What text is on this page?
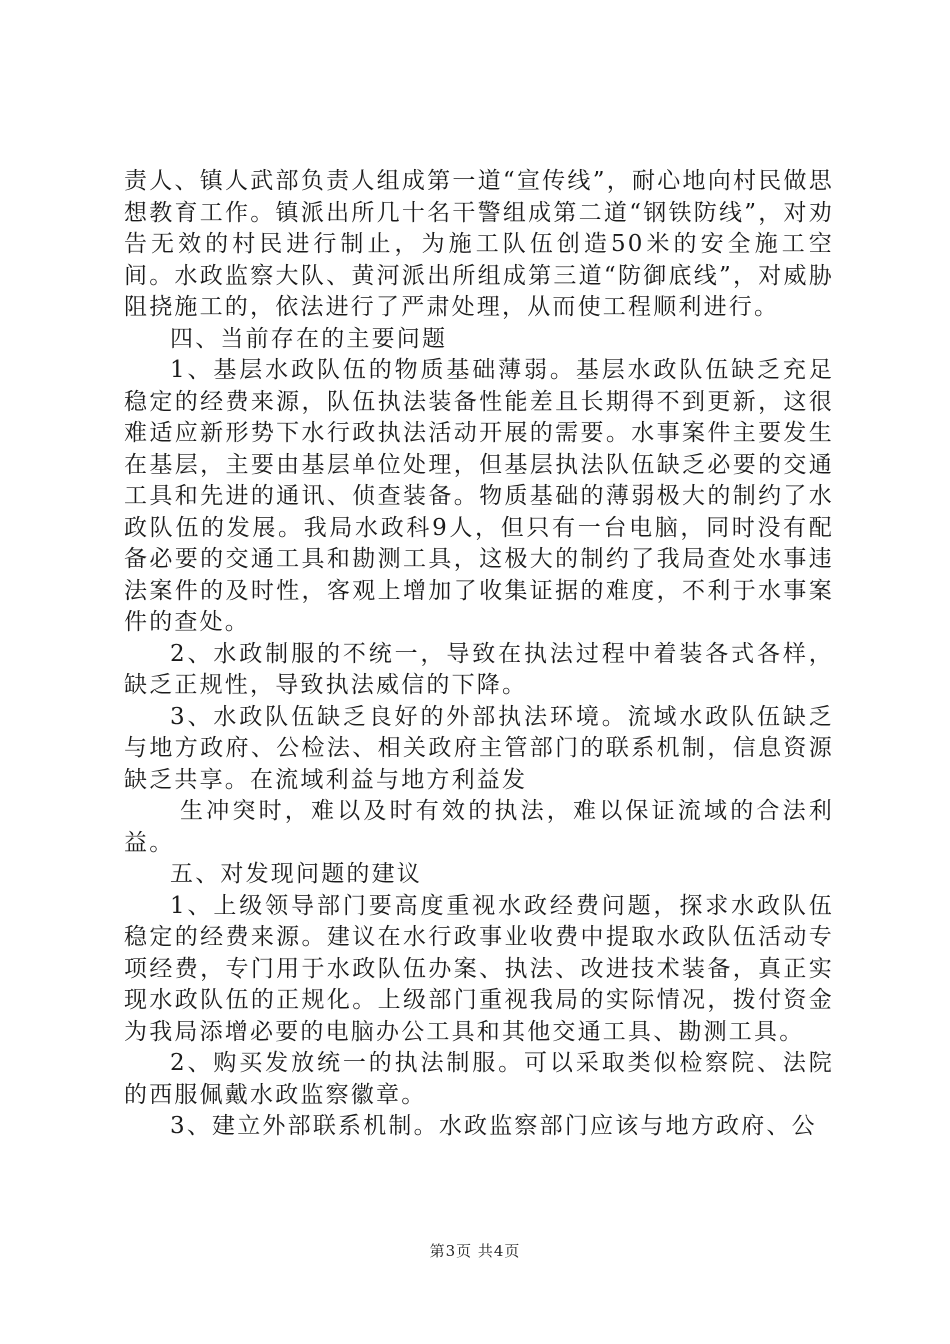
责人、镇人武部负责人组成第一道“宣传线”，耐心地向村民做思想教育工作。镇派出所几十名干警组成第二道“钢铁防线”，对劝告无效的村民进行制止，为施工队伍创造50米的安全施工空间。水政监察大队、黄河派出所组成第三道“防御底线”，对威胁阻挠施工的，依法进行了严肃处理，从而使工程顺利进行。

四、当前存在的主要问题

1、基层水政队伍的物质基础薄弱。基层水政队伍缺乏充足稳定的经费来源，队伍执法装备性能差且长期得不到更新，这很难适应新形势下水行政执法活动开展的需要。水事案件主要发生在基层，主要由基层单位处理，但基层执法队伍缺乏必要的交通工具和先进的通讯、侦查装备。物质基础的薄弱极大的制约了水政队伍的发展。我局水政科9人，但只有一台电脑，同时没有配备必要的交通工具和勘测工具，这极大的制约了我局查处水事违法案件的及时性，客观上增加了收集证据的难度，不利于水事案件的查处。

2、水政制服的不统一，导致在执法过程中着装各式各样，缺乏正规性，导致执法威信的下降。

3、水政队伍缺乏良好的外部执法环境。流域水政队伍缺乏与地方政府、公检法、相关政府主管部门的联系机制，信息资源缺乏共享。在流域利益与地方利益发

生冲突时，难以及时有效的执法，难以保证流域的合法利益。

五、对发现问题的建议

1、上级领导部门要高度重视水政经费问题，探求水政队伍稳定的经费来源。建议在水行政事业收费中提取水政队伍活动专项经费，专门用于水政队伍办案、执法、改进技术装备，真正实现水政队伍的正规化。上级部门重视我局的实际情况，拨付资金为我局添增必要的电脑办公工具和其他交通工具、勘测工具。

2、购买发放统一的执法制服。可以采取类似检察院、法院的西服佩戴水政监察徽章。

3、建立外部联系机制。水政监察部门应该与地方政府、公

第3页 共4页
